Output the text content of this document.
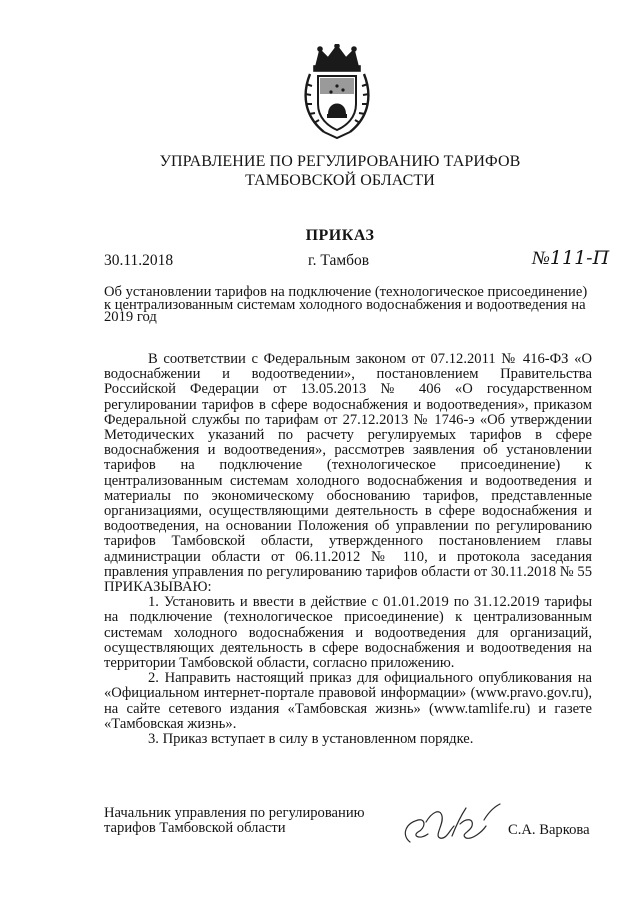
УПРАВЛЕНИЕ ПО РЕГУЛИРОВАНИЮ ТАРИФОВ
ТАМБОВСКОЙ ОБЛАСТИ
ПРИКАЗ
30.11.2018	г. Тамбов	№111-П
Об установлении тарифов на подключение (технологическое присоединение) к централизованным системам холодного водоснабжения и водоотведения на 2019 год

В соответствии с Федеральным законом от 07.12.2011 № 416-ФЗ «О водоснабжении и водоотведении», постановлением Правительства Российской Федерации от 13.05.2013 № 406 «О государственном регулировании тарифов в сфере водоснабжения и водоотведения», приказом Федеральной службы по тарифам от 27.12.2013 № 1746-э «Об утверждении Методических указаний по расчету регулируемых тарифов в сфере водоснабжения и водоотведения», рассмотрев заявления об установлении тарифов на подключение (технологическое присоединение) к централизованным системам холодного водоснабжения и водоотведения и материалы по экономическому обоснованию тарифов, представленные организациями, осуществляющими деятельность в сфере водоснабжения и водоотведения, на основании Положения об управлении по регулированию тарифов Тамбовской области, утвержденного постановлением главы администрации области от 06.11.2012 № 110, и протокола заседания правления управления по регулированию тарифов области от 30.11.2018 № 55 ПРИКАЗЫВАЮ:

1. Установить и ввести в действие с 01.01.2019 по 31.12.2019 тарифы на подключение (технологическое присоединение) к централизованным системам холодного водоснабжения и водоотведения для организаций, осуществляющих деятельность в сфере водоснабжения и водоотведения на территории Тамбовской области, согласно приложению.

2. Направить настоящий приказ для официального опубликования на «Официальном интернет-портале правовой информации» (www.pravo.gov.ru), на сайте сетевого издания «Тамбовская жизнь» (www.tamlife.ru) и газете «Тамбовская жизнь».

3. Приказ вступает в силу в установленном порядке.

Начальник управления по регулированию
тарифов Тамбовской области	С.А. Варкова
